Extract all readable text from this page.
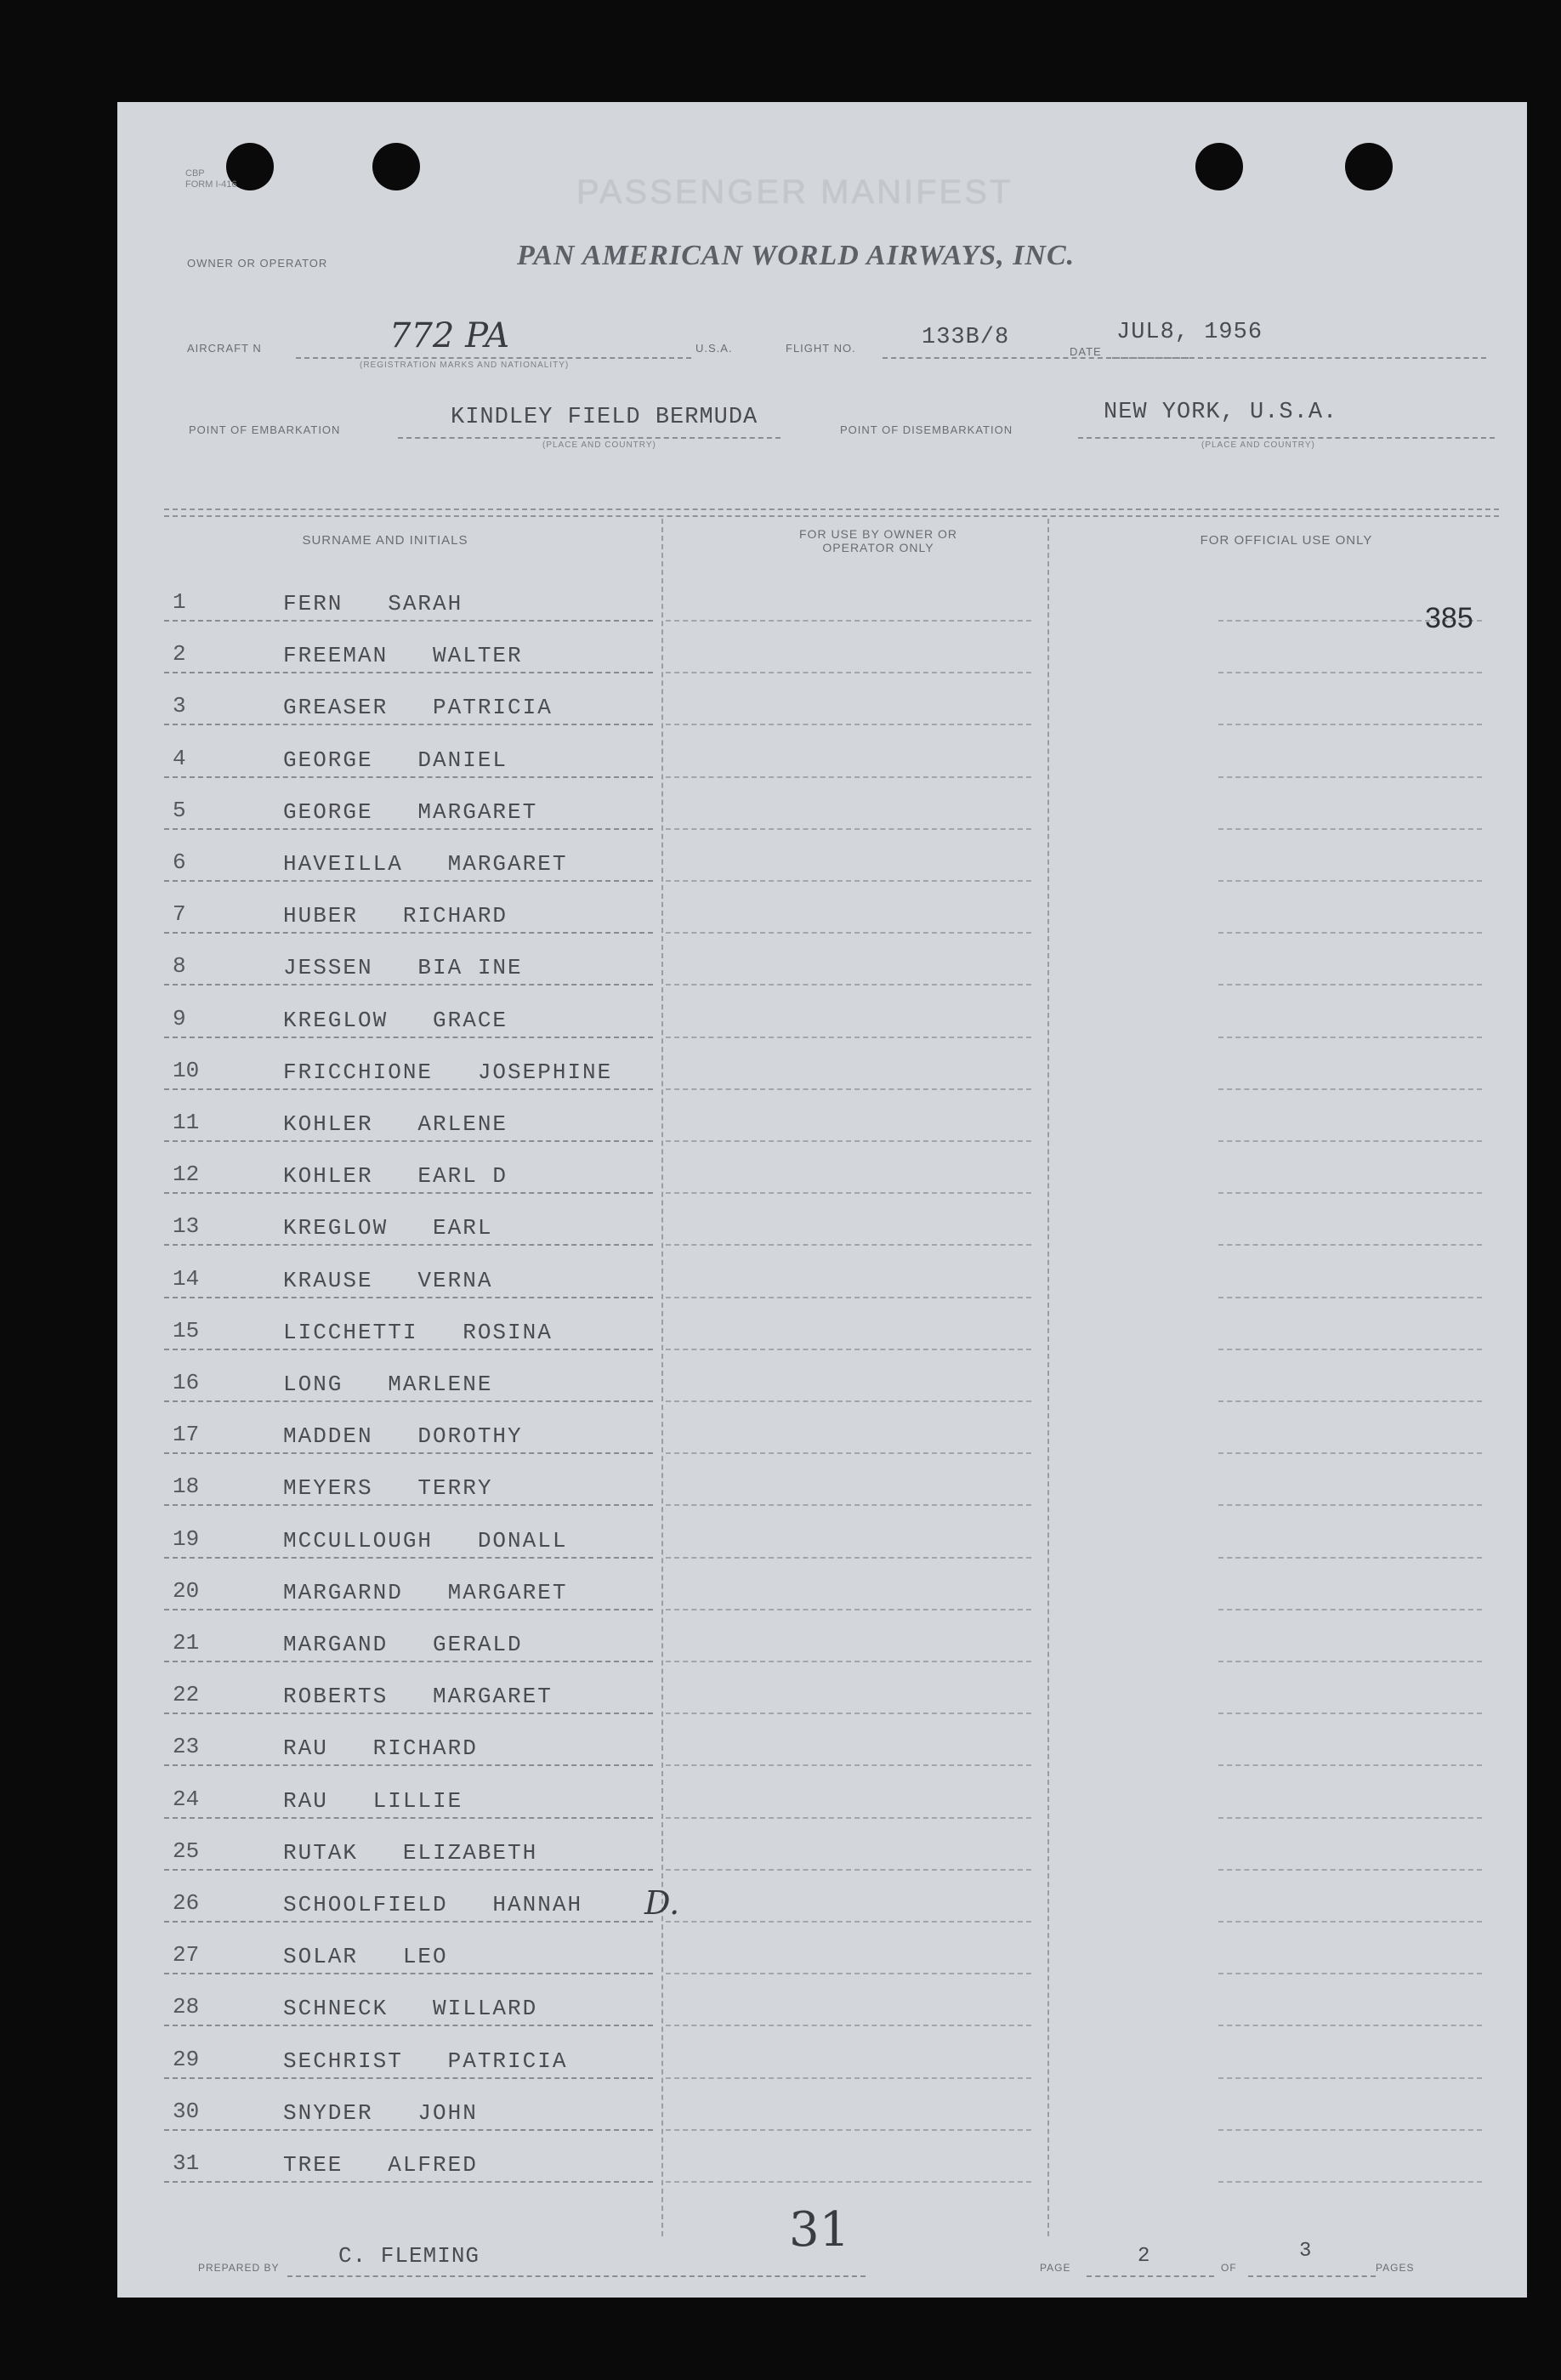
CBP
FORM I-416	PASSENGER MANIFEST
OWNER OR OPERATOR	PAN AMERICAN WORLD AIRWAYS, INC.
AIRCRAFT N	772 PA
(REGISTRATION MARKS AND NATIONALITY)
U.S.A.	FLIGHT NO.	133B/8
DATE
JUL8, 1956
POINT OF EMBARKATION	KINDLEY FIELD BERMUDA
(PLACE AND COUNTRY)
POINT OF DISEMBARKATION
NEW YORK, U.S.A.
(PLACE AND COUNTRY)
SURNAME AND INITIALS	FOR USE BY OWNER OR OPERATOR ONLY	FOR OFFICIAL USE ONLY
1	FERN   SARAH
2	FREEMAN   WALTER
3	GREASER   PATRICIA
4	GEORGE   DANIEL
5	GEORGE   MARGARET
6	HAVEILLA   MARGARET
7	HUBER   RICHARD
8	JESSEN   BIA INE
9	KREGLOW   GRACE
10	FRICCHIONE   JOSEPHINE
11	KOHLER   ARLENE
12	KOHLER   EARL D
13	KREGLOW   EARL
14	KRAUSE   VERNA
15	LICCHETTI   ROSINA
16	LONG   MARLENE
17	MADDEN   DOROTHY
18	MEYERS   TERRY
19	MCCULLOUGH   DONALL
20	MARGARND   MARGARET
21	MARGAND   GERALD
22	ROBERTS   MARGARET
23	RAU   RICHARD
24	RAU   LILLIE
25	RUTAK   ELIZABETH
26	SCHOOLFIELD   HANNAH
27	SOLAR   LEO
28	SCHNECK   WILLARD
29	SECHRIST   PATRICIA
30	SNYDER   JOHN
31	TREE   ALFRED
385
D.
31
PREPARED BY	C. FLEMING	PAGE	2	OF
3
PAGES
